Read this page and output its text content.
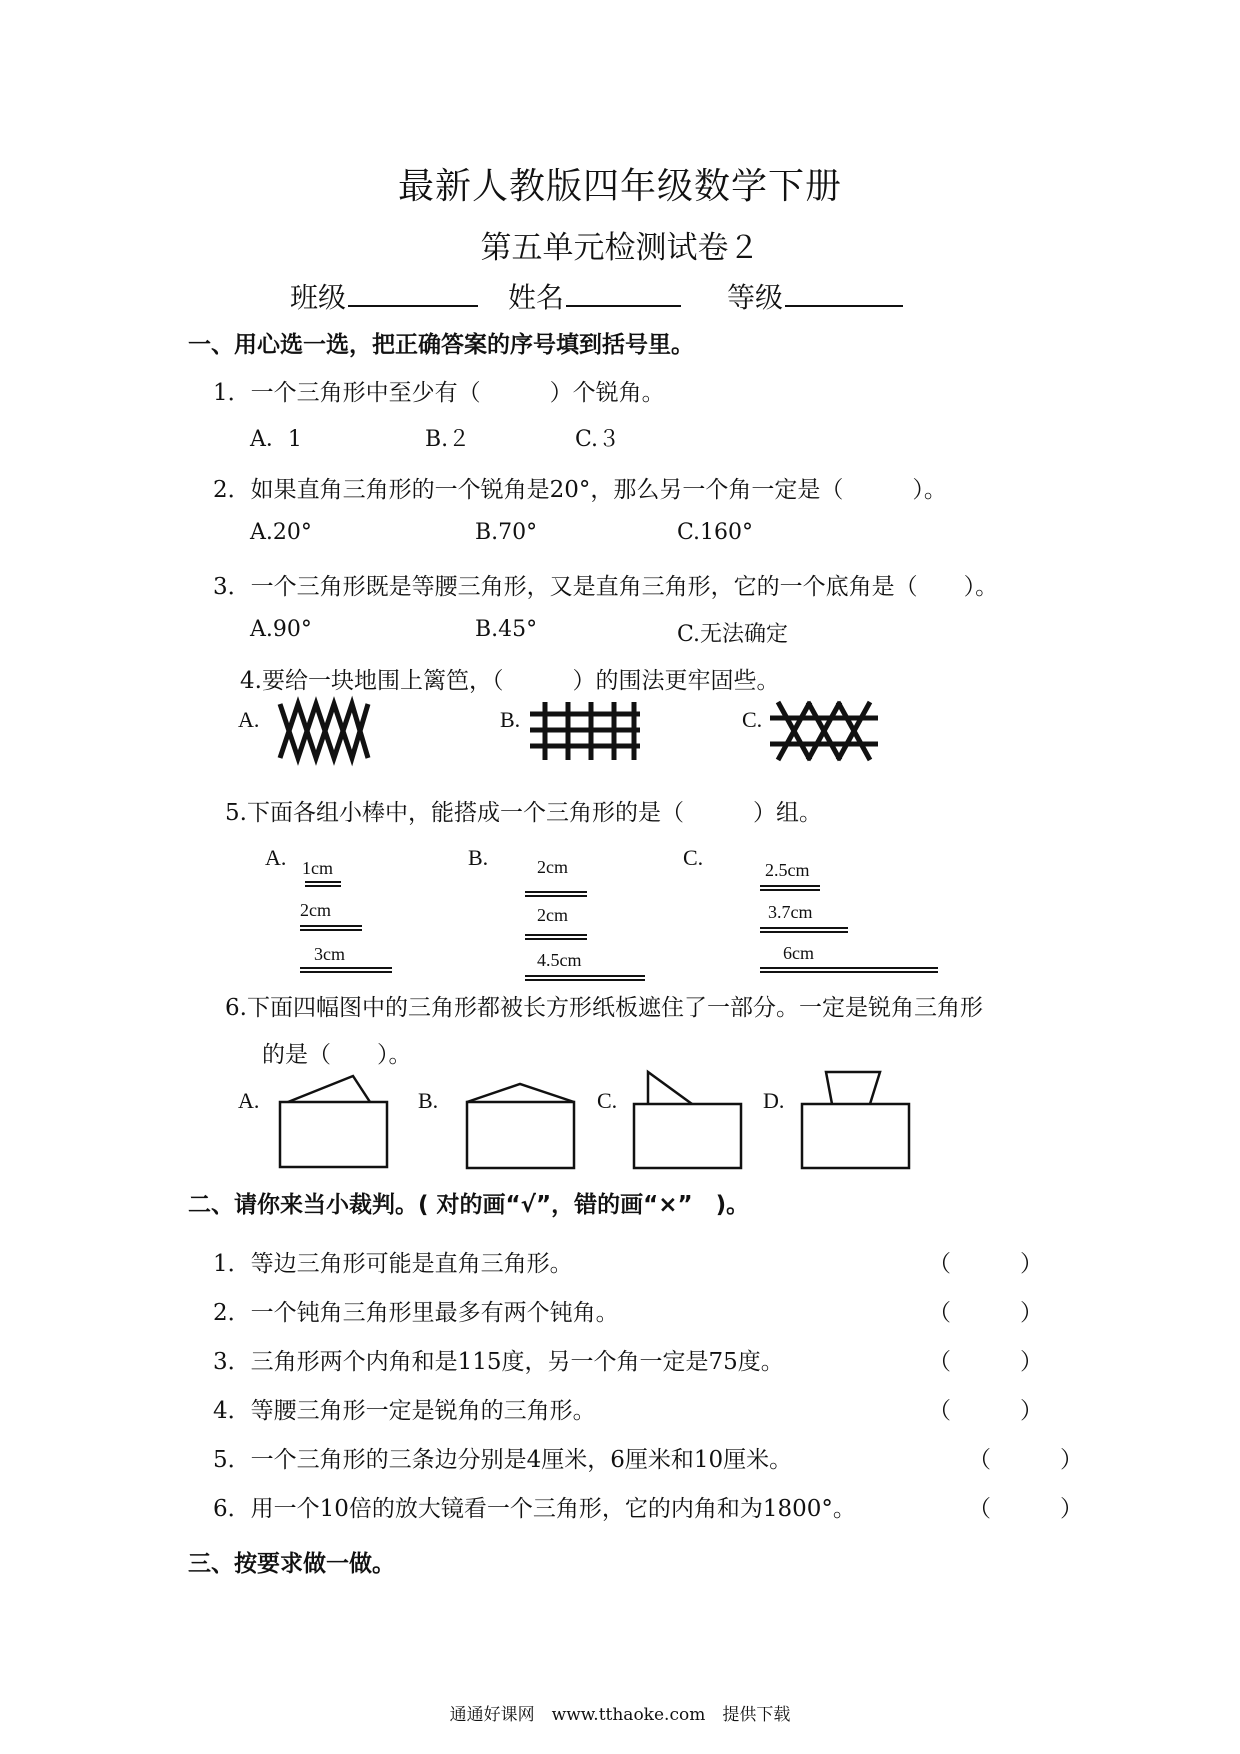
最新人教版四年级数学下册
第五单元检测试卷２
班级	姓名	等级
一、用心选一选，把正确答案的序号填到括号里。
1．一个三角形中至少有（　　　）个锐角。
A．1	B.２	C.３
2．如果直角三角形的一个锐角是20°，那么另一个角一定是（　　　）。
A.20°	B.70°	C.160°
3．一个三角形既是等腰三角形，又是直角三角形，它的一个底角是（　　）。
A.90°	B.45°	C.无法确定
4.要给一块地围上篱笆，（　　　）的围法更牢固些。
A.	B.	C.
5.下面各组小棒中，能搭成一个三角形的是（　　　）组。
A.	B.	C.
1cm
2cm
3cm
2cm
2cm
4.5cm
2.5cm
3.7cm
6cm
6.下面四幅图中的三角形都被长方形纸板遮住了一部分。一定是锐角三角形
的是（　　）。
A.	B.	C.	D.
二、请你来当小裁判。( 对的画“√”，错的画“×”　)。
1．等边三角形可能是直角三角形。	（　　　）
2．一个钝角三角形里最多有两个钝角。	（　　　）
3．三角形两个内角和是115度，另一个角一定是75度。	（　　　）
4．等腰三角形一定是锐角的三角形。	（　　　）
5．一个三角形的三条边分别是4厘米，6厘米和10厘米。	（　　　）
6．用一个10倍的放大镜看一个三角形，它的内角和为1800°。	（　　　）
三、按要求做一做。
通通好课网　www.tthaoke.com　提供下载
